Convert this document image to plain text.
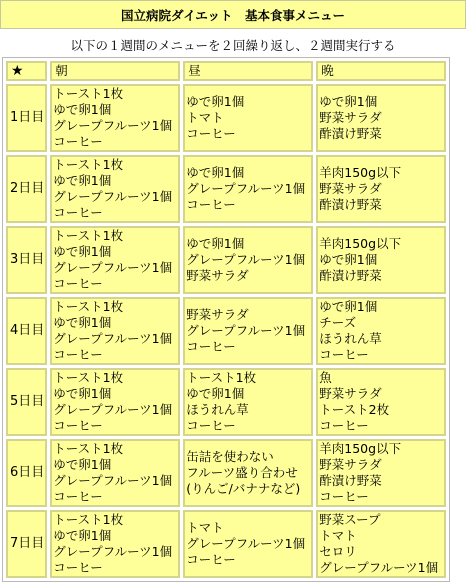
国立病院ダイエット　基本食事メニュー
以下の１週間のメニューを２回繰り返し、２週間実行する
★	朝	昼	晩
1日目	トースト1枚
ゆで卵1個
グレープフルーツ1個
コーヒー	ゆで卵1個
トマト
コーヒー	ゆで卵1個
野菜サラダ
酢漬け野菜

2日目	トースト1枚
ゆで卵1個
グレープフルーツ1個
コーヒー	ゆで卵1個
グレープフルーツ1個
コーヒー	羊肉150g以下
野菜サラダ
酢漬け野菜

3日目	トースト1枚
ゆで卵1個
グレープフルーツ1個
コーヒー	ゆで卵1個
グレープフルーツ1個
野菜サラダ	羊肉150g以下
ゆで卵1個
酢漬け野菜

4日目	トースト1枚
ゆで卵1個
グレープフルーツ1個
コーヒー	野菜サラダ
グレープフルーツ1個
コーヒー	ゆで卵1個
チーズ
ほうれん草
コーヒー

5日目	トースト1枚
ゆで卵1個
グレープフルーツ1個
コーヒー	トースト1枚
ゆで卵1個
ほうれん草
コーヒー	魚
野菜サラダ
トースト2枚
コーヒー

6日目	トースト1枚
ゆで卵1個
グレープフルーツ1個
コーヒー	缶詰を使わない
フルーツ盛り合わせ
(りんご/バナナなど)	羊肉150g以下
野菜サラダ
酢漬け野菜
コーヒー

7日目	トースト1枚
ゆで卵1個
グレープフルーツ1個
コーヒー	トマト
グレープフルーツ1個
コーヒー	野菜スープ
トマト
セロリ
グレープフルーツ1個
